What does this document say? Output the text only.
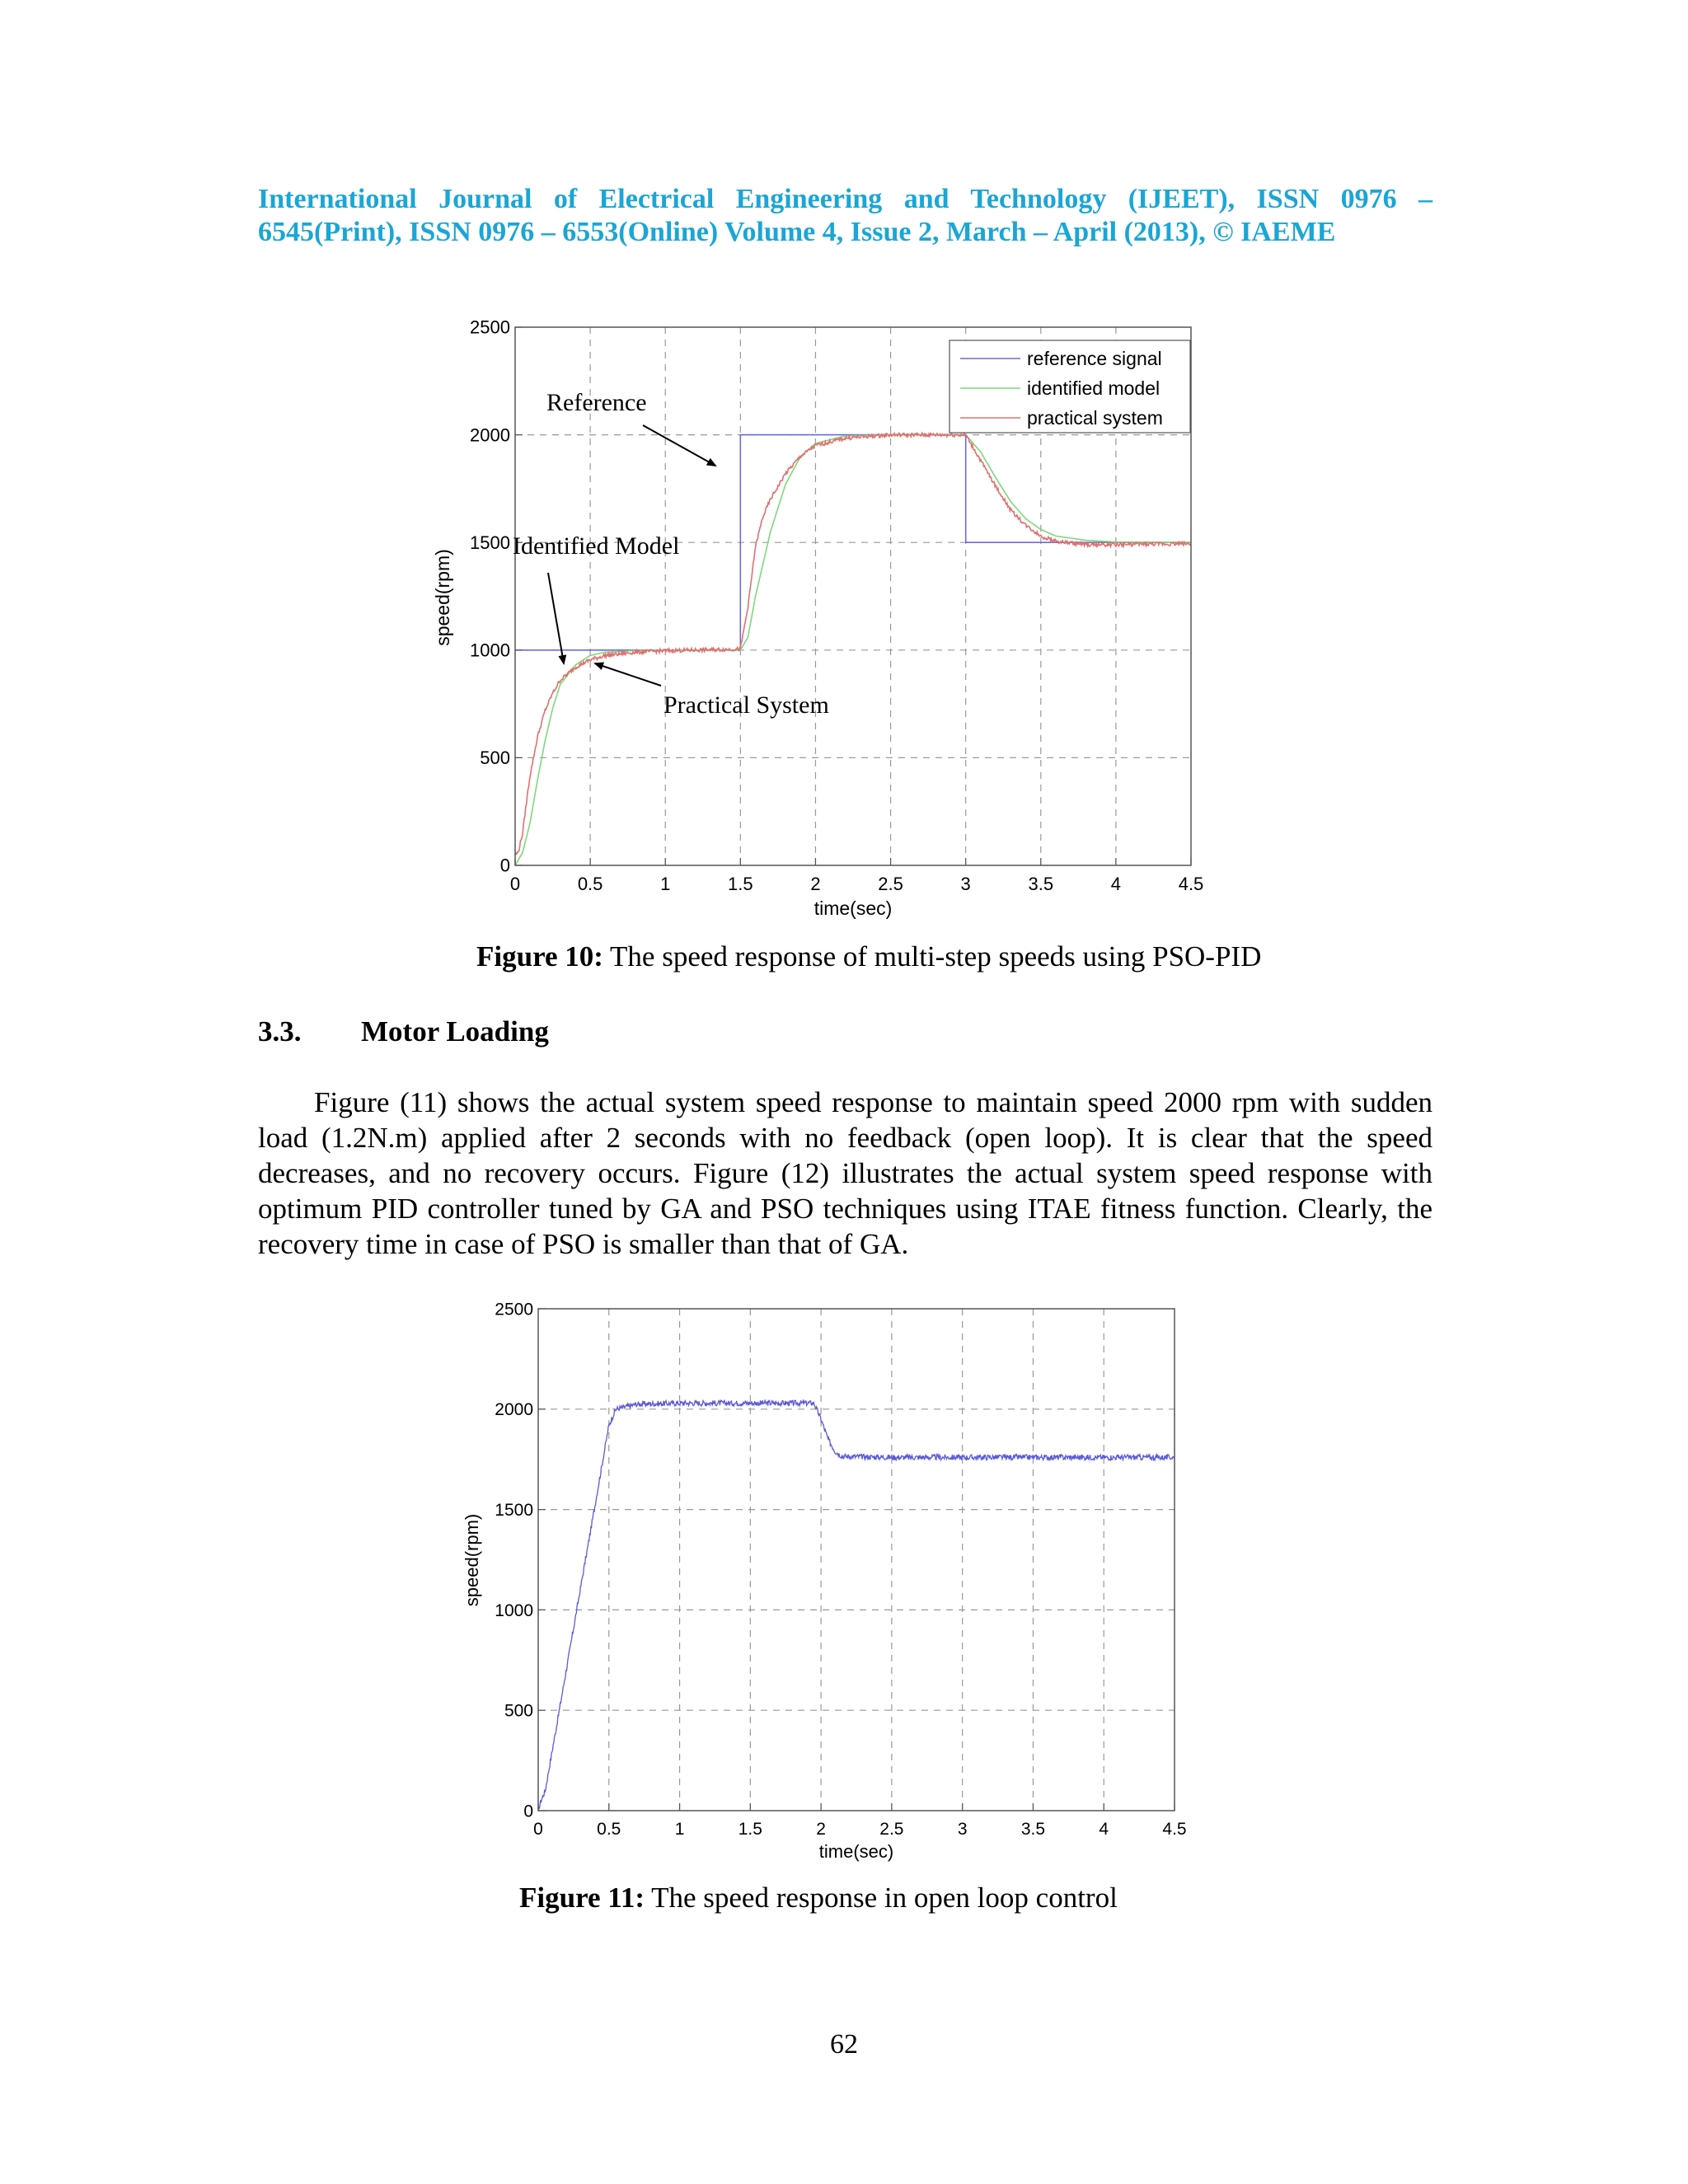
International Journal of Electrical Engineering and Technology (IJEET), ISSN 0976 – 6545(Print), ISSN 0976 – 6553(Online) Volume 4, Issue 2, March – April (2013), © IAEME
0	0.5	1	1.5	2	2.5	3	3.5	4	4.5
0
500
1000
1500
2000
2500
time(sec)
speed(rpm)
reference signal
identified model
practical system
Reference
Identified Model
Practical System
Figure 10: The speed response of multi-step speeds using PSO-PID
3.3. Motor Loading
Figure (11) shows the actual system speed response to maintain speed 2000 rpm with sudden load (1.2N.m) applied after 2 seconds with no feedback (open loop). It is clear that the speed decreases, and no recovery occurs. Figure (12) illustrates the actual system speed response with optimum PID controller tuned by GA and PSO techniques using ITAE fitness function. Clearly, the recovery time in case of PSO is smaller than that of GA.
0	0.5	1	1.5	2	2.5	3	3.5	4	4.5
0
500
1000
1500
2000
2500
time(sec)
speed(rpm)
Figure 11: The speed response in open loop control
62
